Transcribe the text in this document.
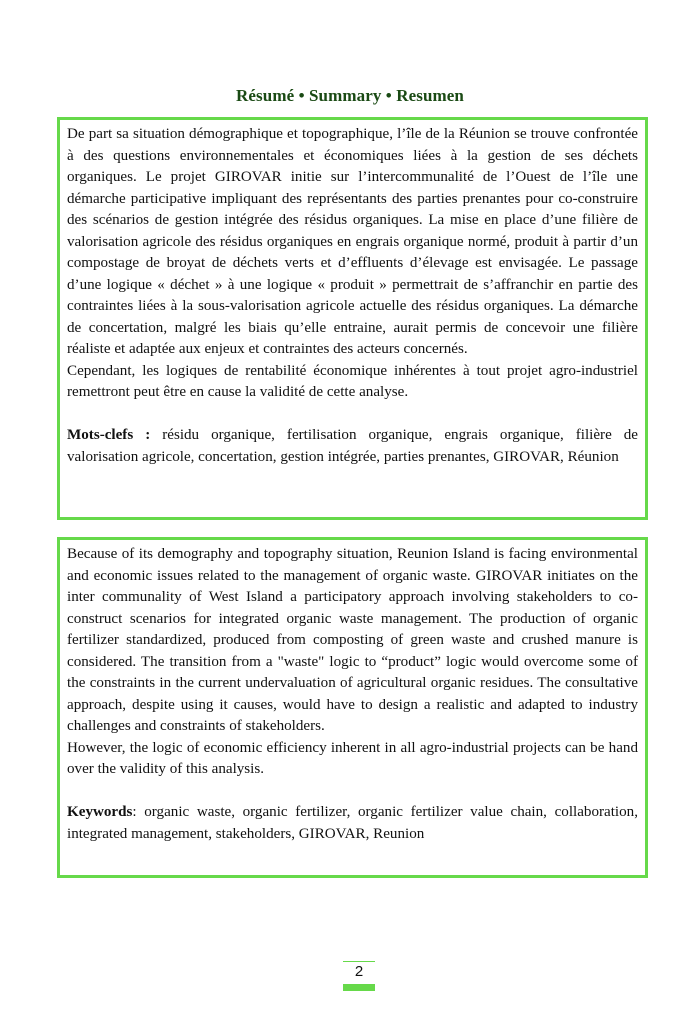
Résumé • Summary • Resumen

De part sa situation démographique et topographique, l’île de la Réunion se trouve confrontée à des questions environnementales et économiques liées à la gestion de ses déchets organiques. Le projet GIROVAR initie sur l’intercommunalité de l’Ouest de l’île une démarche participative impliquant des représentants des parties prenantes pour co-construire des scénarios de gestion intégrée des résidus organiques. La mise en place d’une filière de valorisation agricole des résidus organiques en engrais organique normé, produit à partir d’un compostage de broyat de déchets verts et d’effluents d’élevage est envisagée. Le passage d’une logique « déchet » à une logique « produit » permettrait de s’affranchir en partie des contraintes liées à la sous-valorisation agricole actuelle des résidus organiques. La démarche de concertation, malgré les biais qu’elle entraine, aurait permis de concevoir une filière réaliste et adaptée aux enjeux et contraintes des acteurs concernés.

Cependant, les logiques de rentabilité économique inhérentes à tout projet agro-industriel remettront peut être en cause la validité de cette analyse.

Mots-clefs : résidu organique, fertilisation organique, engrais organique, filière de valorisation agricole, concertation, gestion intégrée, parties prenantes, GIROVAR, Réunion

Because of its demography and topography situation, Reunion Island is facing environmental and economic issues related to the management of organic waste. GIROVAR initiates on the inter communality of West Island a participatory approach involving stakeholders to co-construct scenarios for integrated organic waste management. The production of organic fertilizer standardized, produced from composting of green waste and crushed manure is considered. The transition from a "waste" logic to “product” logic would overcome some of the constraints in the current undervaluation of agricultural organic residues. The consultative approach, despite using it causes, would have to design a realistic and adapted to industry challenges and constraints of stakeholders.

However, the logic of economic efficiency inherent in all agro-industrial projects can be hand over the validity of this analysis.

Keywords: organic waste, organic fertilizer, organic fertilizer value chain, collaboration, integrated management, stakeholders, GIROVAR, Reunion

2
